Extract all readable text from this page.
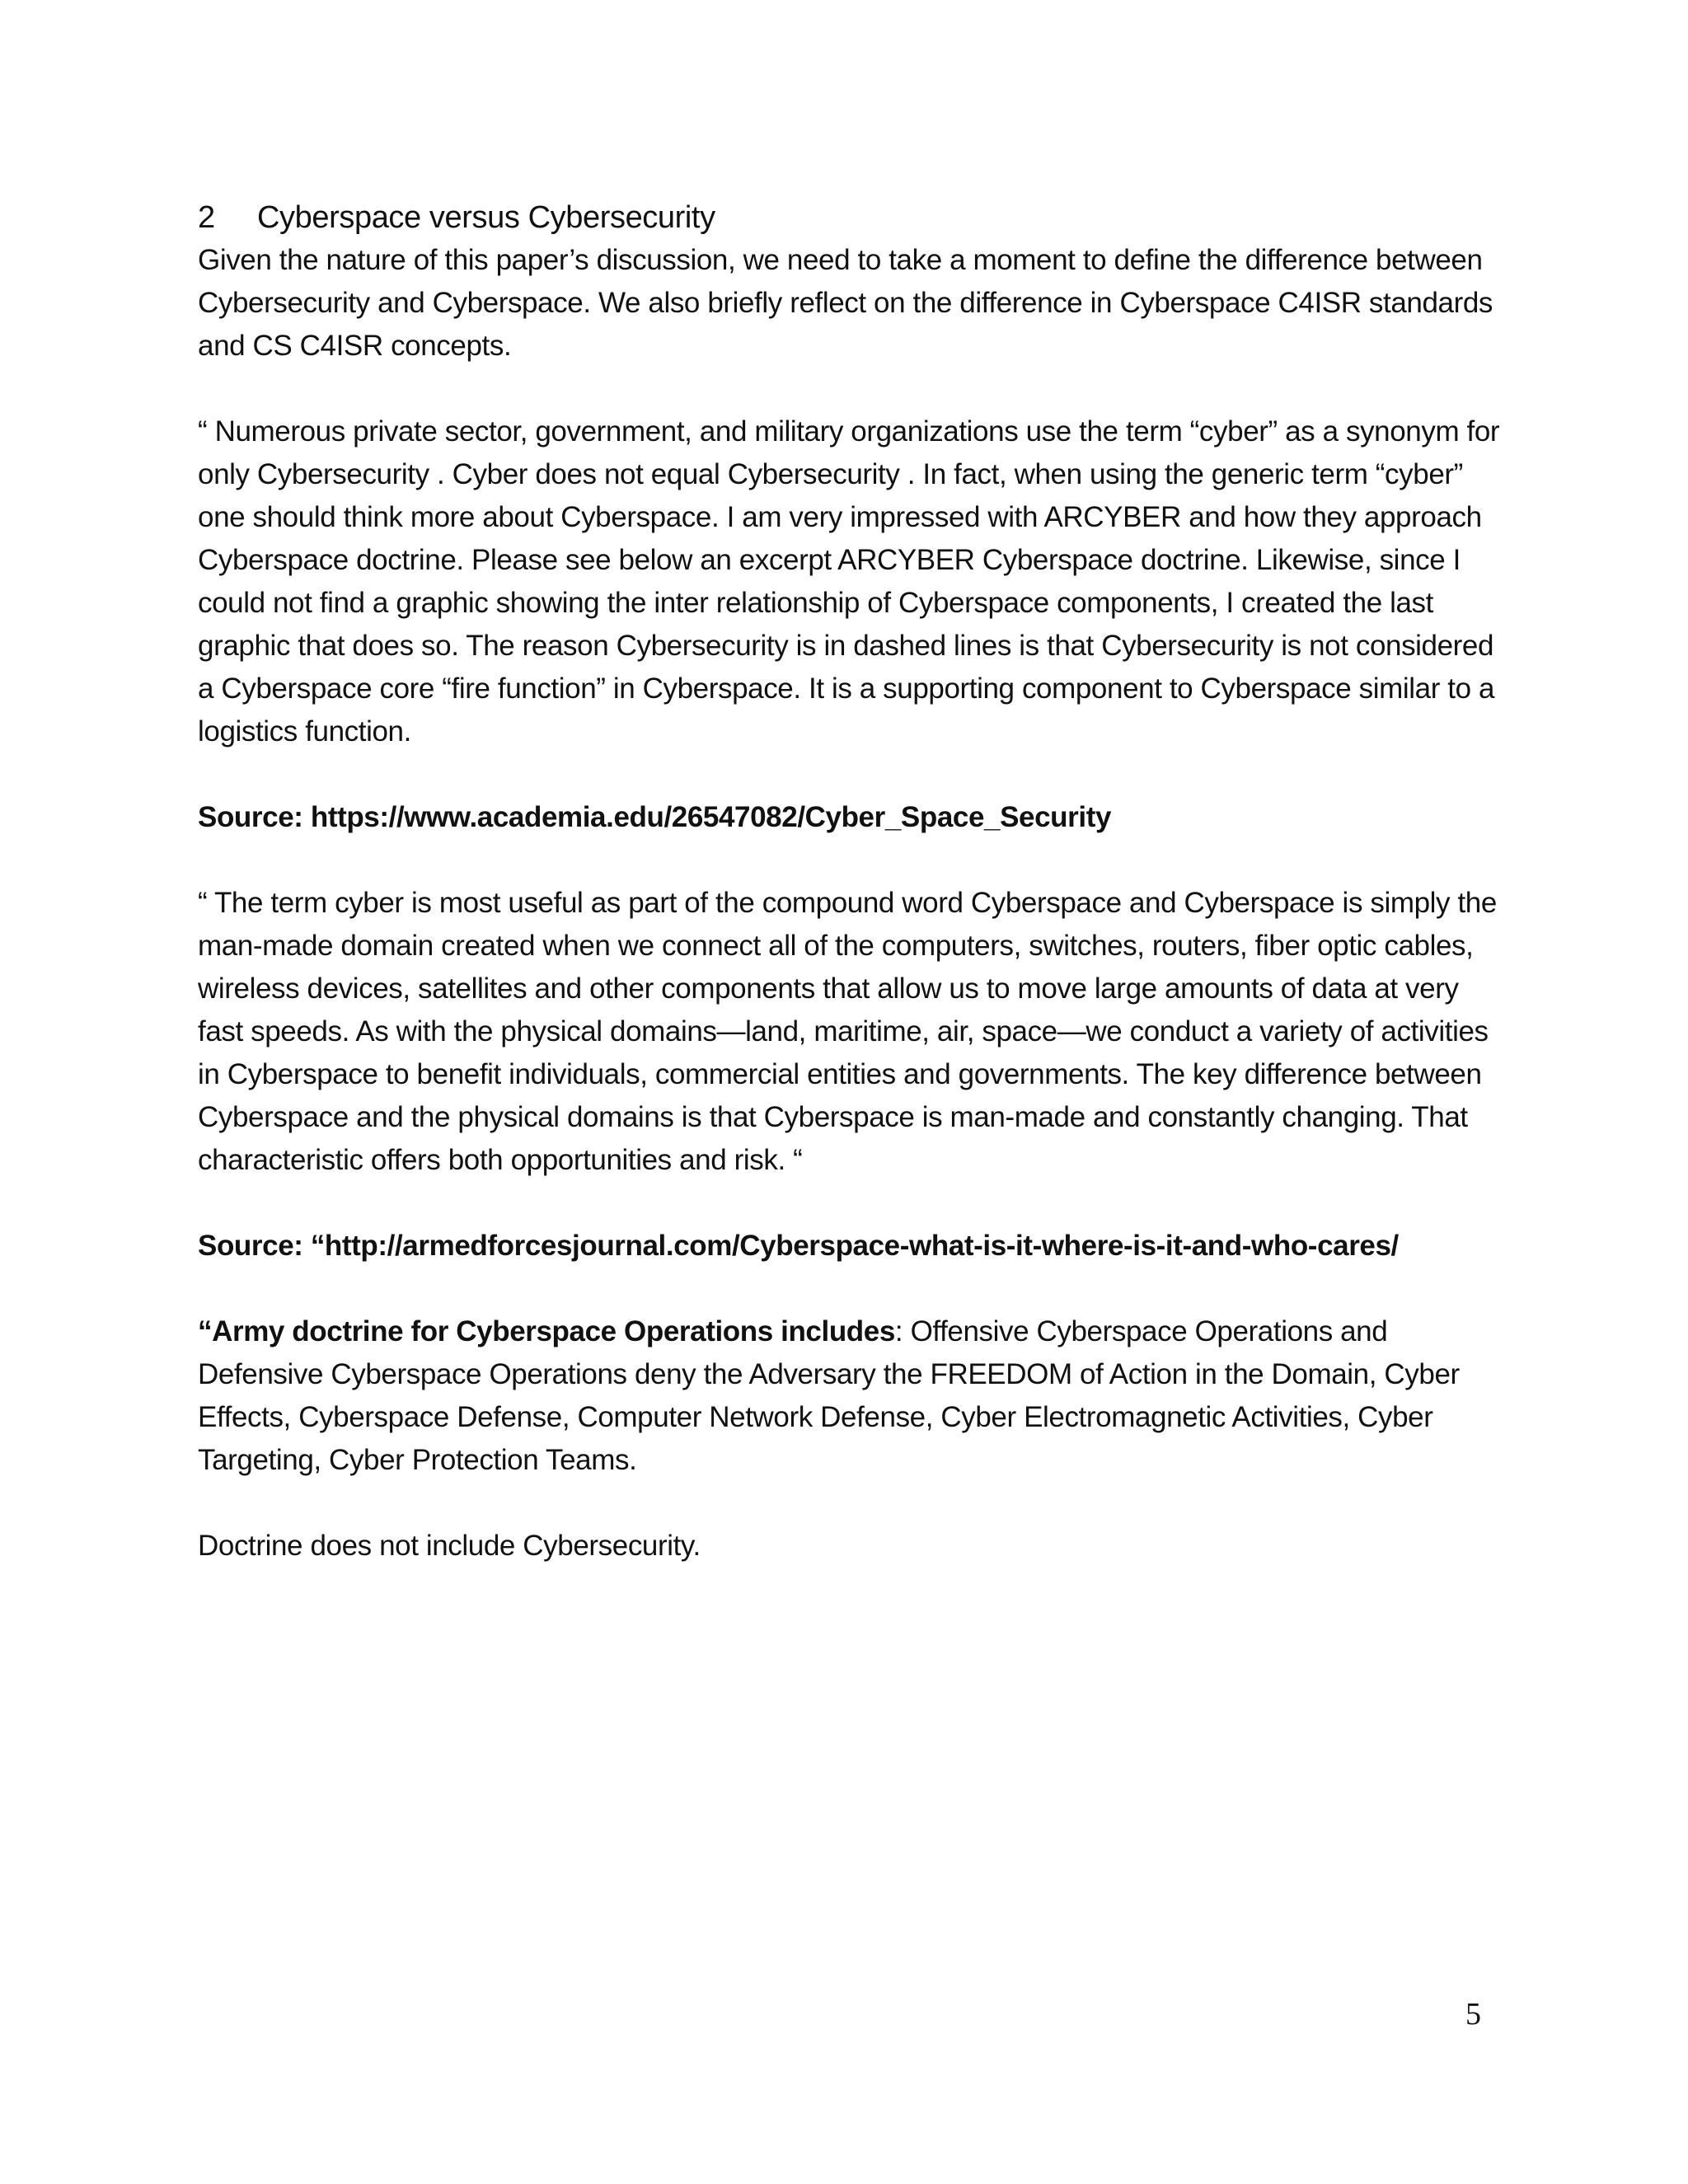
2	Cyberspace versus Cybersecurity

Given the nature of this paper’s discussion, we need to take a moment to define the difference between Cybersecurity and Cyberspace. We also briefly reflect on the difference in Cyberspace C4ISR standards and CS C4ISR concepts.

“ Numerous private sector, government, and military organizations use the term “cyber” as a synonym for only Cybersecurity . Cyber does not equal Cybersecurity . In fact, when using the generic term “cyber” one should think more about Cyberspace. I am very impressed with ARCYBER and how they approach Cyberspace doctrine. Please see below an excerpt ARCYBER Cyberspace doctrine. Likewise, since I could not find a graphic showing the inter relationship of Cyberspace components, I created the last graphic that does so. The reason Cybersecurity is in dashed lines is that Cybersecurity is not considered a Cyberspace core “fire function” in Cyberspace. It is a supporting component to Cyberspace similar to a logistics function.

Source: https://www.academia.edu/26547082/Cyber_Space_Security

“ The term cyber is most useful as part of the compound word Cyberspace and Cyberspace is simply the man-made domain created when we connect all of the computers, switches, routers, fiber optic cables, wireless devices, satellites and other components that allow us to move large amounts of data at very fast speeds. As with the physical domains—land, maritime, air, space—we conduct a variety of activities in Cyberspace to benefit individuals, commercial entities and governments. The key difference between Cyberspace and the physical domains is that Cyberspace is man-made and constantly changing. That characteristic offers both opportunities and risk. “

Source: “http://armedforcesjournal.com/Cyberspace-what-is-it-where-is-it-and-who-cares/

“Army doctrine for Cyberspace Operations includes: Offensive Cyberspace Operations and Defensive Cyberspace Operations deny the Adversary the FREEDOM of Action in the Domain, Cyber Effects, Cyberspace Defense, Computer Network Defense, Cyber Electromagnetic Activities, Cyber Targeting, Cyber Protection Teams.

Doctrine does not include Cybersecurity.

5
